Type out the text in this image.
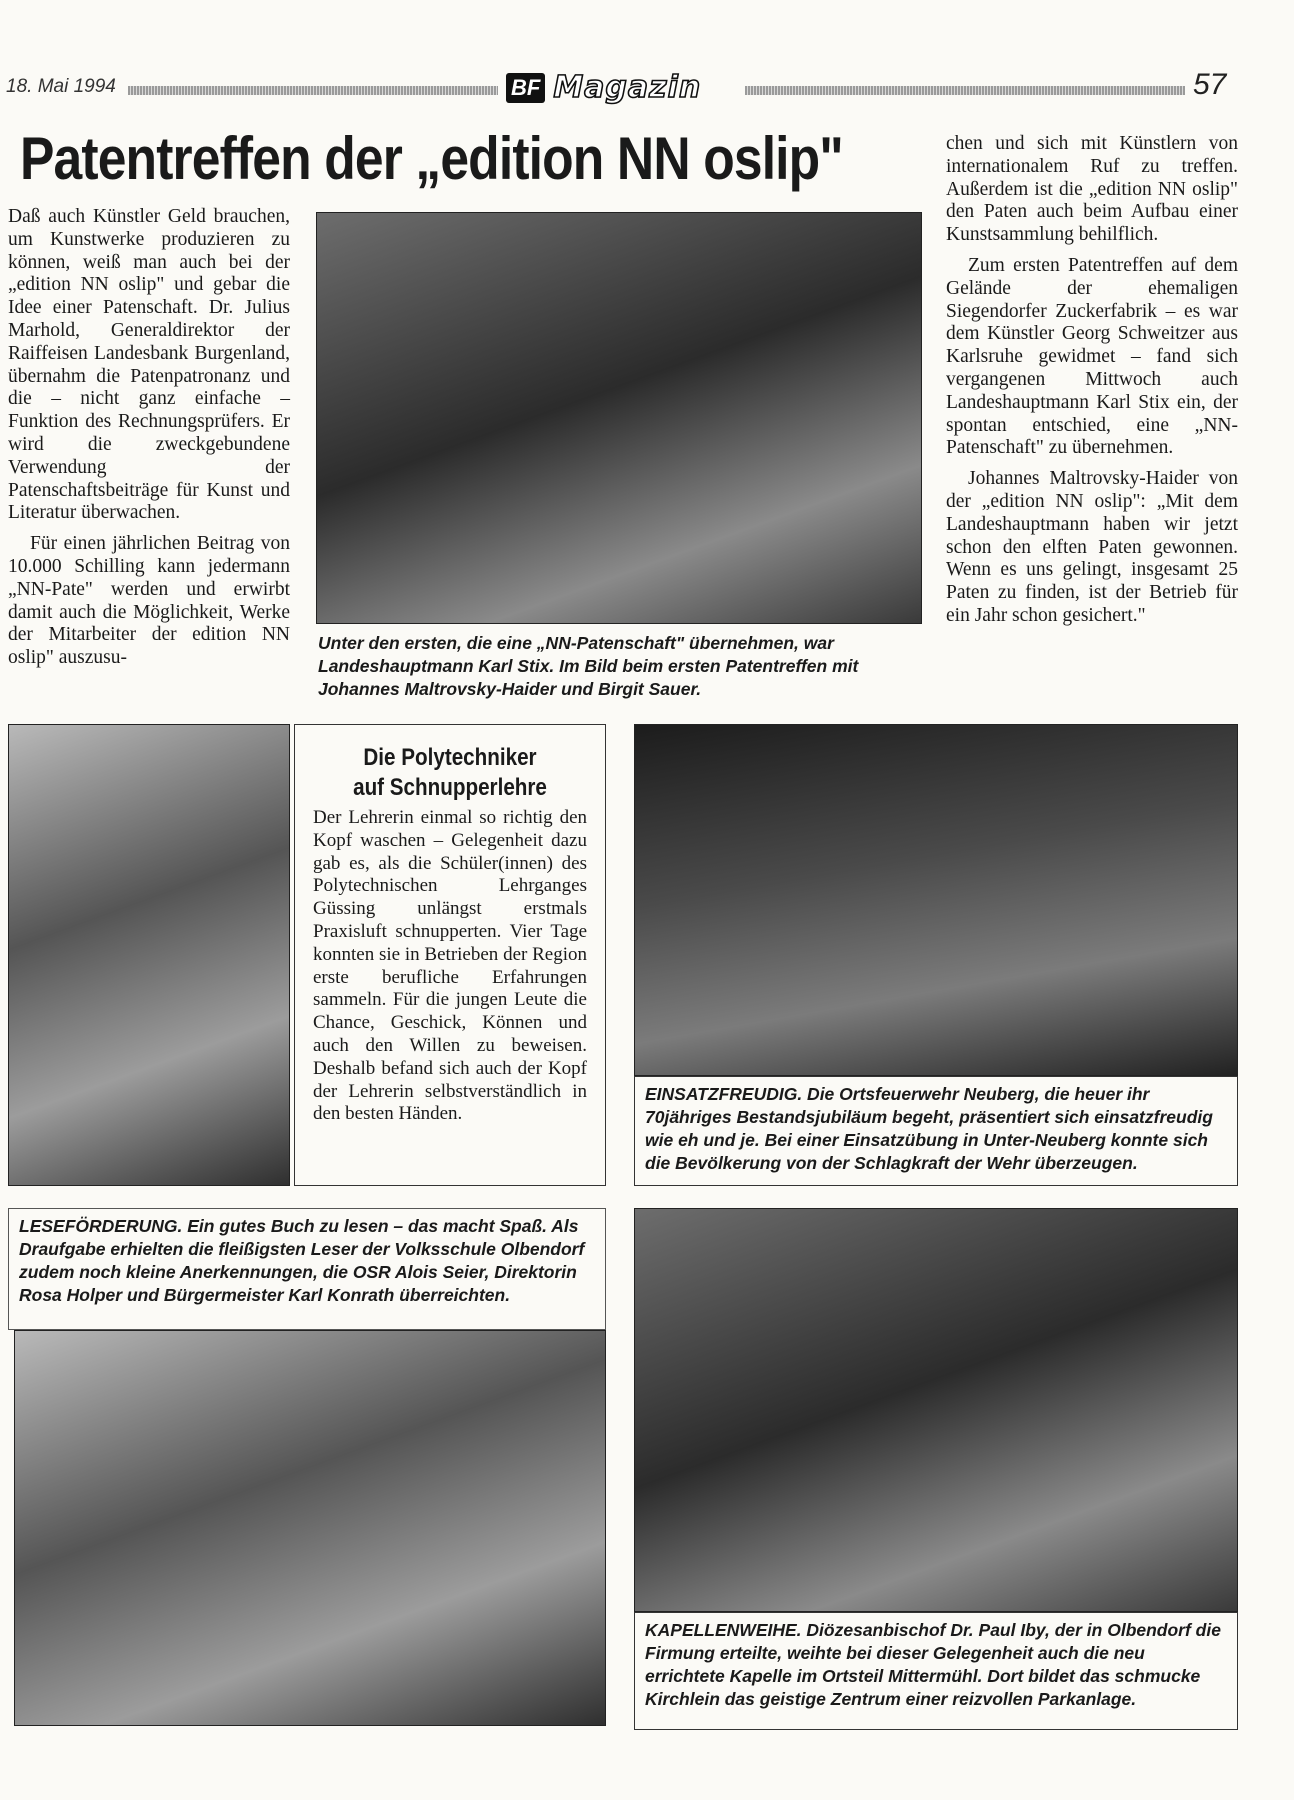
18. Mai 1994	BF Magazin	57
Patentreffen der „edition NN oslip"

Daß auch Künstler Geld brauchen, um Kunstwerke produzieren zu können, weiß man auch bei der „edition NN oslip" und gebar die Idee einer Patenschaft. Dr. Julius Marhold, Generaldirektor der Raiffeisen Landesbank Burgenland, übernahm die Patenpatronanz und die – nicht ganz einfache – Funktion des Rechnungsprüfers. Er wird die zweckgebundene Verwendung der Patenschaftsbeiträge für Kunst und Literatur überwachen.

Für einen jährlichen Beitrag von 10.000 Schilling kann jedermann „NN-Pate" werden und erwirbt damit auch die Möglichkeit, Werke der Mitarbeiter der edition NN oslip" auszusu-

Unter den ersten, die eine „NN-Patenschaft" übernehmen, war Landeshauptmann Karl Stix. Im Bild beim ersten Patentreffen mit Johannes Maltrovsky-Haider und Birgit Sauer.

chen und sich mit Künstlern von internationalem Ruf zu treffen. Außerdem ist die „edition NN oslip" den Paten auch beim Aufbau einer Kunstsammlung behilflich.

Zum ersten Patentreffen auf dem Gelände der ehemaligen Siegendorfer Zuckerfabrik – es war dem Künstler Georg Schweitzer aus Karlsruhe gewidmet – fand sich vergangenen Mittwoch auch Landeshauptmann Karl Stix ein, der spontan entschied, eine „NN-Patenschaft" zu übernehmen.

Johannes Maltrovsky-Haider von der „edition NN oslip": „Mit dem Landeshauptmann haben wir jetzt schon den elften Paten gewonnen. Wenn es uns gelingt, insgesamt 25 Paten zu finden, ist der Betrieb für ein Jahr schon gesichert."

Die Polytechniker
auf Schnupperlehre
Der Lehrerin einmal so richtig den Kopf waschen – Gelegenheit dazu gab es, als die Schüler(innen) des Polytechnischen Lehrganges Güssing unlängst erstmals Praxisluft schnupperten. Vier Tage konnten sie in Betrieben der Region erste berufliche Erfahrungen sammeln. Für die jungen Leute die Chance, Geschick, Können und auch den Willen zu beweisen. Deshalb befand sich auch der Kopf der Lehrerin selbstverständlich in den besten Händen.
EINSATZFREUDIG. Die Ortsfeuerwehr Neuberg, die heuer ihr 70jähriges Bestandsjubiläum begeht, präsentiert sich einsatzfreudig wie eh und je. Bei einer Einsatzübung in Unter-Neuberg konnte sich die Bevölkerung von der Schlagkraft der Wehr überzeugen.
LESEFÖRDERUNG. Ein gutes Buch zu lesen – das macht Spaß. Als Draufgabe erhielten die fleißigsten Leser der Volksschule Olbendorf zudem noch kleine Anerkennungen, die OSR Alois Seier, Direktorin Rosa Holper und Bürgermeister Karl Konrath überreichten.
KAPELLENWEIHE. Diözesanbischof Dr. Paul Iby, der in Olbendorf die Firmung erteilte, weihte bei dieser Gelegenheit auch die neu errichtete Kapelle im Ortsteil Mittermühl. Dort bildet das schmucke Kirchlein das geistige Zentrum einer reizvollen Parkanlage.
